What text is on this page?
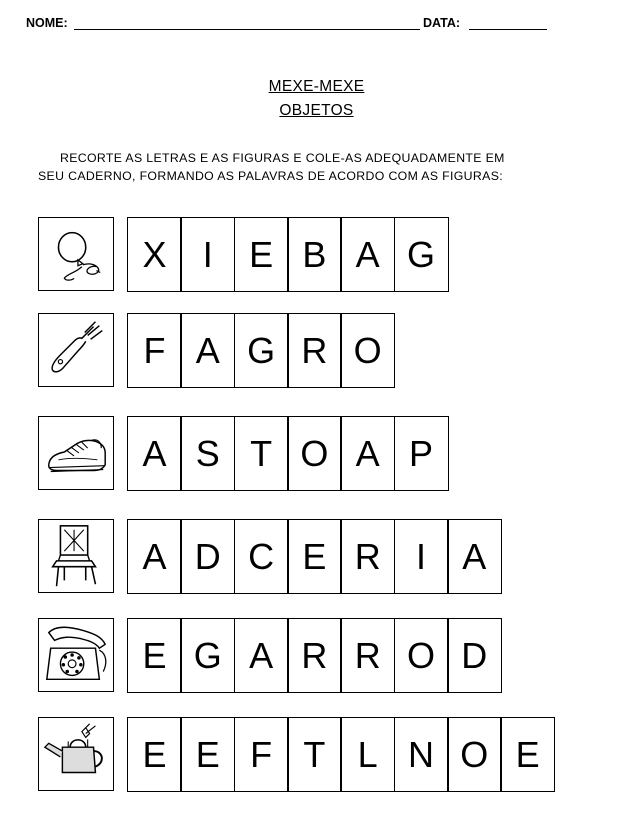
NOME:	DATA:
MEXE-MEXE
OBJETOS
RECORTE AS LETRAS E AS FIGURAS E COLE-AS ADEQUADAMENTE EM
SEU CADERNO, FORMANDO AS PALAVRAS DE ACORDO COM AS FIGURAS:
X	I	E B A G
F A G R O
A S T O A P
A D C E R I	A
E G A R R O D
E E F T L N O E
